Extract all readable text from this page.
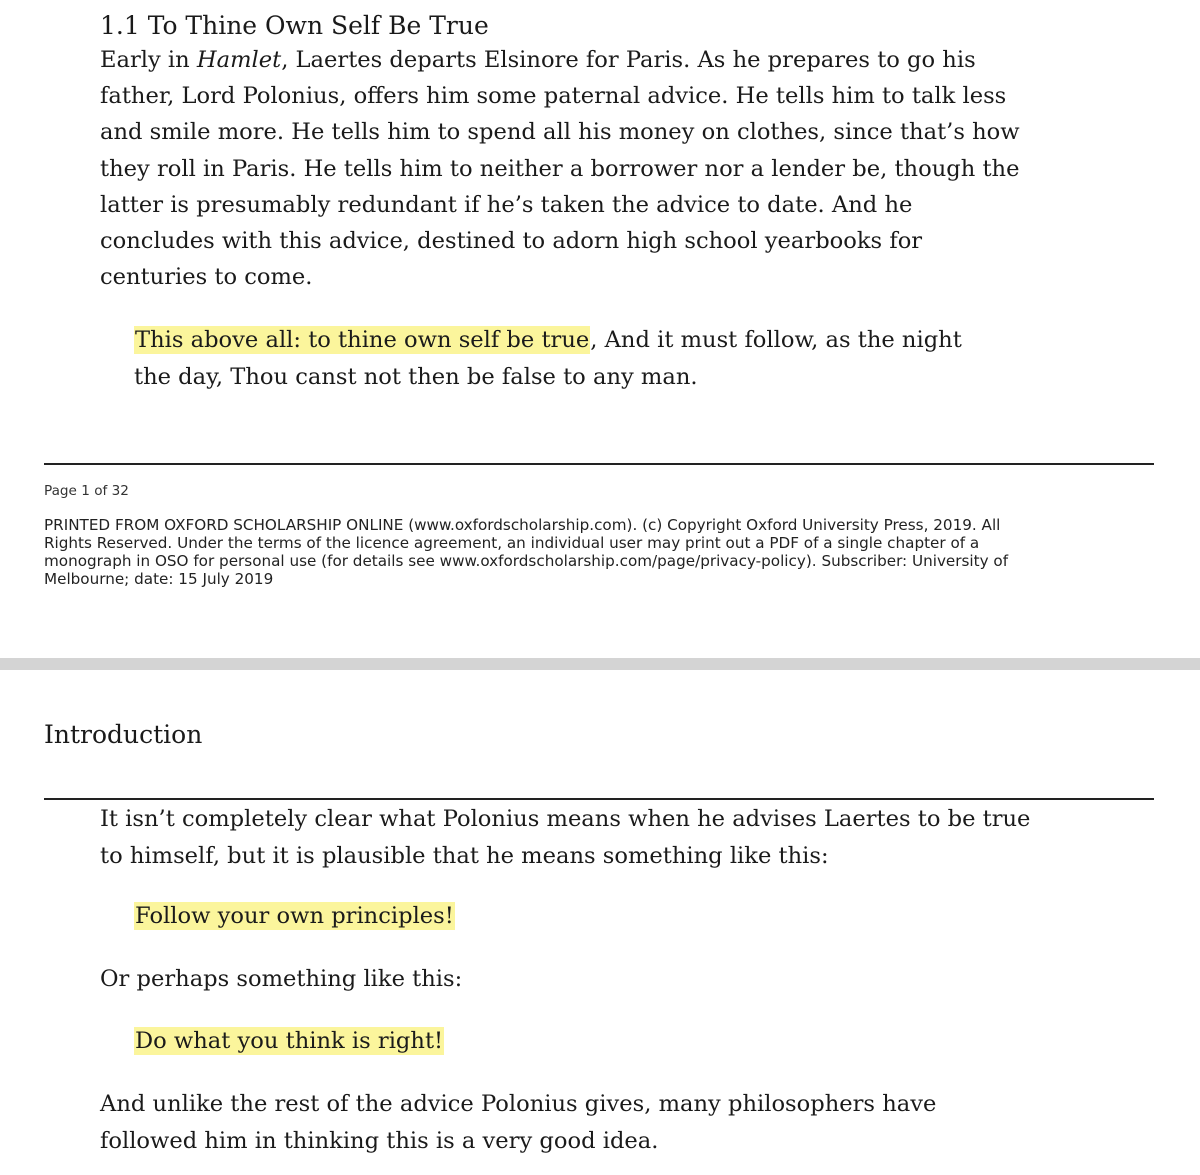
1.1 To Thine Own Self Be True
Early in Hamlet, Laertes departs Elsinore for Paris. As he prepares to go his
father, Lord Polonius, offers him some paternal advice. He tells him to talk less
and smile more. He tells him to spend all his money on clothes, since that’s how
they roll in Paris. He tells him to neither a borrower nor a lender be, though the
latter is presumably redundant if he’s taken the advice to date. And he
concludes with this advice, destined to adorn high school yearbooks for
centuries to come.
This above all: to thine own self be true, And it must follow, as the night
the day, Thou canst not then be false to any man.
Page 1 of 32
PRINTED FROM OXFORD SCHOLARSHIP ONLINE (www.oxfordscholarship.com). (c) Copyright Oxford University Press, 2019. All
Rights Reserved. Under the terms of the licence agreement, an individual user may print out a PDF of a single chapter of a
monograph in OSO for personal use (for details see www.oxfordscholarship.com/page/privacy-policy). Subscriber: University of
Melbourne; date: 15 July 2019
Introduction
It isn’t completely clear what Polonius means when he advises Laertes to be true
to himself, but it is plausible that he means something like this:
Follow your own principles!
Or perhaps something like this:
Do what you think is right!
And unlike the rest of the advice Polonius gives, many philosophers have
followed him in thinking this is a very good idea.
